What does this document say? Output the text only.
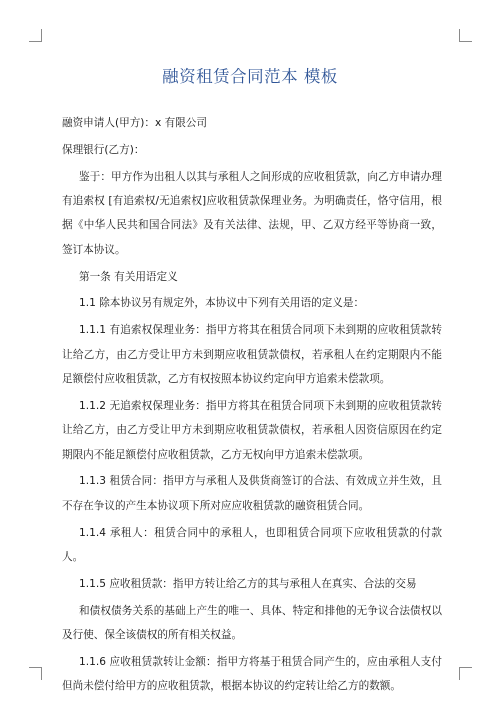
融资租赁合同范本 模板

融资申请人(甲方)：x 有限公司

保理银行(乙方)：

鉴于：甲方作为出租人以其与承租人之间形成的应收租赁款，向乙方申请办理 有追索权 [有追索权/无追索权]应收租赁款保理业务。为明确责任，恪守信用，根据《中华人民共和国合同法》及有关法律、法规，甲、乙双方经平等协商一致，签订本协议。

第一条 有关用语定义

1.1 除本协议另有规定外，本协议中下列有关用语的定义是：

1.1.1 有追索权保理业务：指甲方将其在租赁合同项下未到期的应收租赁款转让给乙方，由乙方受让甲方未到期应收租赁款债权，若承租人在约定期限内不能足额偿付应收租赁款，乙方有权按照本协议约定向甲方追索未偿款项。

1.1.2 无追索权保理业务：指甲方将其在租赁合同项下未到期的应收租赁款转让给乙方，由乙方受让甲方未到期应收租赁款债权，若承租人因资信原因在约定期限内不能足额偿付应收租赁款，乙方无权向甲方追索未偿款项。

1.1.3 租赁合同：指甲方与承租人及供货商签订的合法、有效成立并生效，且不存在争议的产生本协议项下所对应应收租赁款的融资租赁合同。

1.1.4 承租人：租赁合同中的承租人，也即租赁合同项下应收租赁款的付款人。

1.1.5 应收租赁款：指甲方转让给乙方的其与承租人在真实、合法的交易

和债权债务关系的基础上产生的唯一、具体、特定和排他的无争议合法债权以及行使、保全该债权的所有相关权益。

1.1.6 应收租赁款转让金额：指甲方将基于租赁合同产生的，应由承租人支付但尚未偿付给甲方的应收租赁款，根据本协议的约定转让给乙方的数额。
